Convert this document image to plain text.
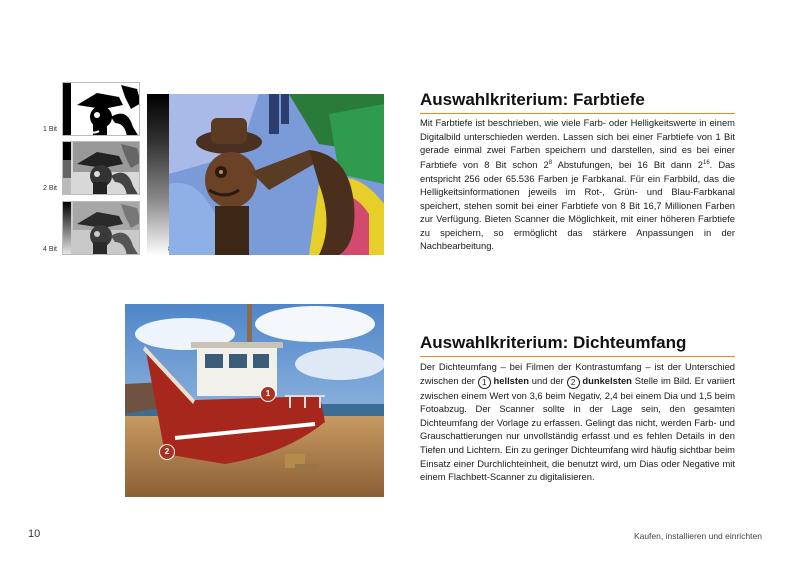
1 Bit
2 Bit
4 Bit
Auswahlkriterium: Farbtiefe

Mit Farbtiefe ist beschrieben, wie viele Farb- oder Helligkeitswerte in einem Digitalbild unterschieden werden. Lassen sich bei einer Farbtiefe von 1 Bit gerade einmal zwei Farben speichern und darstellen, sind es bei einer Farbtiefe von 8 Bit schon $2^8$ Abstufungen, bei 16 Bit dann $2^{16}$. Das entspricht 256 oder 65.536 Farben je Farbkanal. Für ein Farbbild, das die Helligkeitsinformationen jeweils im Rot-, Grün- und Blau-Farbkanal speichert, stehen somit bei einer Farbtiefe von 8 Bit 16,7 Millionen Farben zur Verfügung. Bieten Scanner die Möglichkeit, mit einer höheren Farbtiefe zu speichern, so ermöglicht das stärkere Anpassungen in der Nachbearbeitung.

1
2
Auswahlkriterium: Dichteumfang

Der Dichteumfang – bei Filmen der Kontrastumfang – ist der Unterschied zwischen der 1 hellsten und der 2 dunkelsten Stelle im Bild. Er variiert zwischen einem Wert von 3,6 beim Negativ, 2,4 bei einem Dia und 1,5 beim Fotoabzug. Der Scanner sollte in der Lage sein, den gesamten Dichteumfang der Vorlage zu erfassen. Gelingt das nicht, werden Farb- und Grauschattierungen nur unvollständig erfasst und es fehlen Details in den Tiefen und Lichtern. Ein zu geringer Dichteumfang wird häufig sichtbar beim Einsatz einer Durchlichteinheit, die benutzt wird, um Dias oder Negative mit einem Flachbett-Scanner zu digitalisieren.

10	Kaufen, installieren und einrichten
